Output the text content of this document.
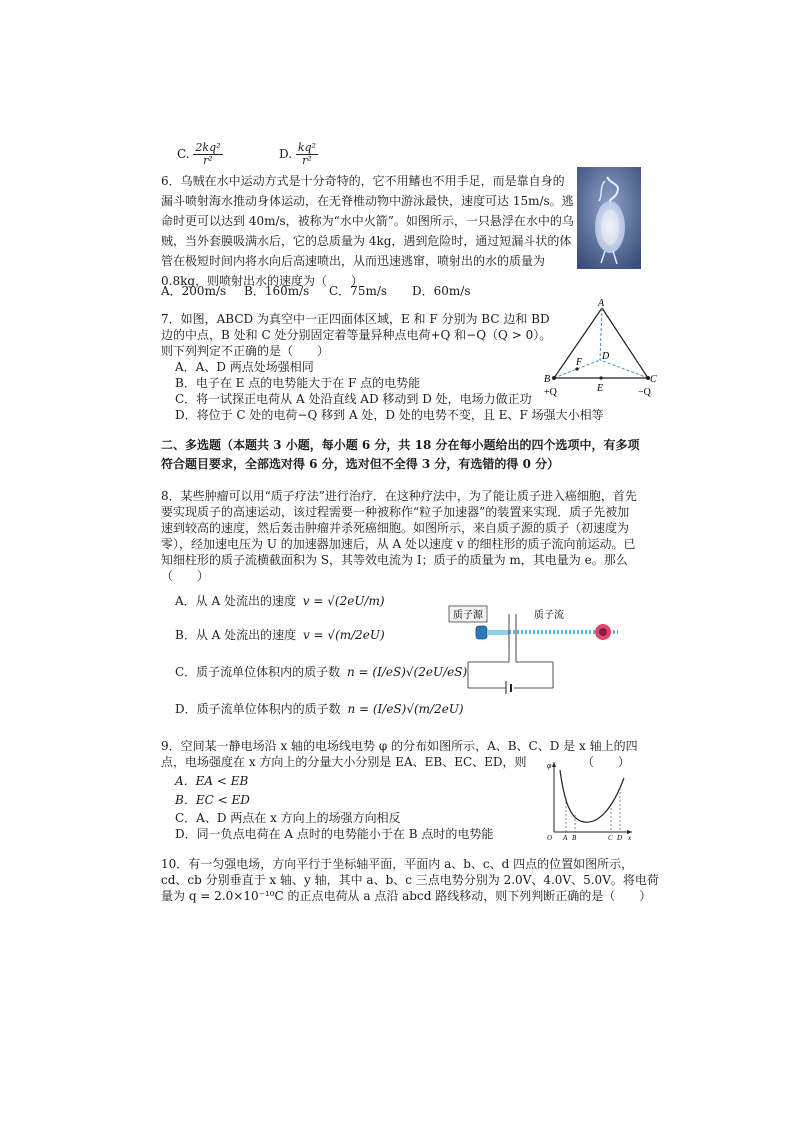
C. $\frac{\text{2kq²}}{\text{r²}}$	D. $\frac{\text{kq²}}{\text{r²}}$
6．乌贼在水中运动方式是十分奇特的，它不用鳍也不用手足，而是靠自身的
漏斗喷射海水推动身体运动，在无脊椎动物中游泳最快，速度可达 15m/s。逃
命时更可以达到 40m/s，被称为“水中火箭”。如图所示，一只悬浮在水中的乌
贼，当外套膜吸满水后，它的总质量为 4kg，遇到危险时，通过短漏斗状的体
管在极短时间内将水向后高速喷出，从而迅速逃窜，喷射出的水的质量为
0.8kg，则喷射出水的速度为（　　）
A．200m/s B．160m/s C．75m/s D．60m/s
7．如图，ABCD 为真空中一正四面体区域，E 和 F 分别为 BC 边和 BD
边的中点，B 处和 C 处分别固定着等量异种点电荷+Q 和−Q（Q > 0）。
则下列判定不正确的是（　　）
A．A、D 两点处场强相同
B．电子在 E 点的电势能大于在 F 点的电势能
C．将一试探正电荷从 A 处沿直线 AD 移动到 D 处，电场力做正功
D．将位于 C 处的电荷−Q 移到 A 处，D 处的电势不变，且 E、F 场强大小相等
A
B	C
D
E
F
+Q	−Q
二、多选题（本题共 3 小题，每小题 6 分，共 18 分在每小题给出的四个选项中，有多项
符合题目要求，全部选对得 6 分，选对但不全得 3 分，有选错的得 0 分）
8．某些肿瘤可以用“质子疗法”进行治疗．在这种疗法中，为了能让质子进入癌细胞，首先
要实现质子的高速运动，该过程需要一种被称作“粒子加速器”的装置来实现．质子先被加
速到较高的速度，然后轰击肿瘤并杀死癌细胞。如图所示，来自质子源的质子（初速度为
零），经加速电压为 U 的加速器加速后，从 A 处以速度 v 的细柱形的质子流向前运动。已
知细柱形的质子流横截面积为 S，其等效电流为 I；质子的质量为 m，其电量为 e。那么
（　　）
A．从 A 处流出的速度 v = √(2eU/m)
B．从 A 处流出的速度 v = √(m/2eU)
C．质子流单位体积内的质子数 n = (I/eS)√(2eU/eS)
D．质子流单位体积内的质子数 n = (I/eS)√(m/2eU)
质子源	质子流
9．空间某一静电场沿 x 轴的电场线电势 φ 的分布如图所示，A、B、C、D 是 x 轴上的四
点，电场强度在 x 方向上的分量大小分别是 EA、EB、EC、ED，则	（　　）
A．EA < EB
B．EC < ED
C．A、D 两点在 x 方向上的场强方向相反
D．同一负点电荷在 A 点时的电势能小于在 B 点时的电势能
φ
O A B	C D x
10．有一匀强电场，方向平行于坐标轴平面，平面内 a、b、c、d 四点的位置如图所示，
cd、cb 分别垂直于 x 轴、y 轴，其中 a、b、c 三点电势分别为 2.0V、4.0V、5.0V。将电荷
量为 q = 2.0×10⁻¹⁰C 的正点电荷从 a 点沿 abcd 路线移动，则下列判断正确的是（　　）
